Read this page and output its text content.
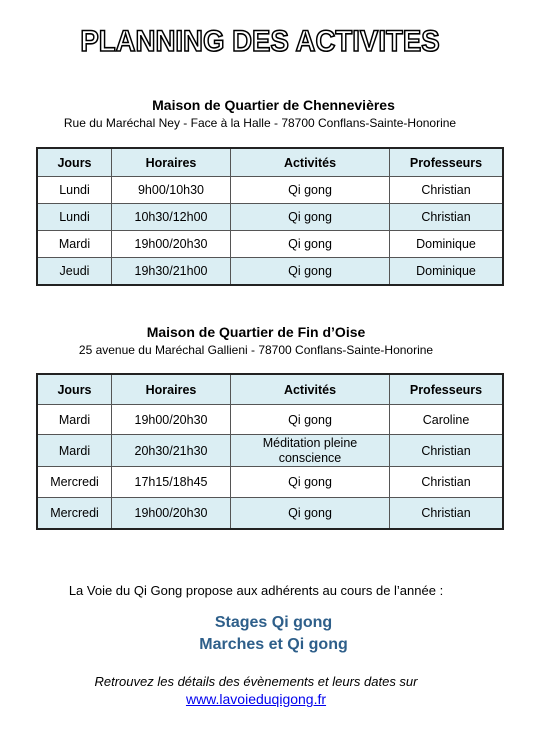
PLANNING DES ACTIVITES
Maison de Quartier de Chennevières
Rue du Maréchal Ney - Face à la Halle - 78700 Conflans-Sainte-Honorine
Jours	Horaires	Activités	Professeurs
Lundi	9h00/10h30	Qi gong	Christian
Lundi	10h30/12h00	Qi gong	Christian
Mardi	19h00/20h30	Qi gong	Dominique
Jeudi	19h30/21h00	Qi gong	Dominique
Maison de Quartier de Fin d’Oise
25 avenue du Maréchal Gallieni - 78700 Conflans-Sainte-Honorine
Jours	Horaires	Activités	Professeurs
Mardi	19h00/20h30	Qi gong	Caroline
Mardi	20h30/21h30	Méditation pleine conscience	Christian
Mercredi	17h15/18h45	Qi gong	Christian
Mercredi	19h00/20h30	Qi gong	Christian
La Voie du Qi Gong propose aux adhérents au cours de l’année :
Stages Qi gong
Marches et Qi gong
Retrouvez les détails des évènements et leurs dates sur
www.lavoieduqigong.fr
